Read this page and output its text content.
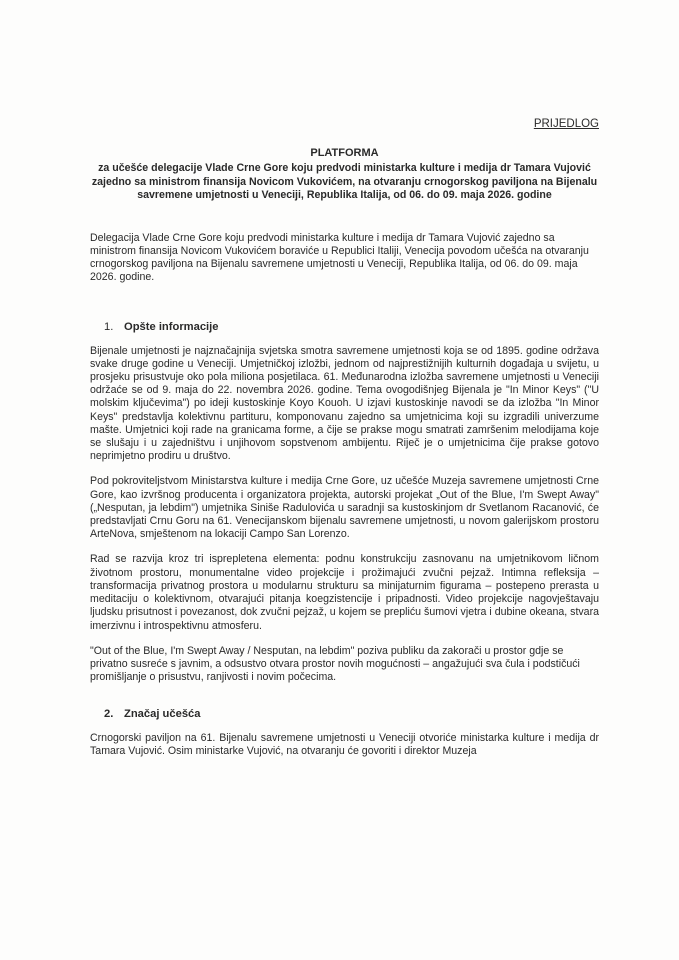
PRIJEDLOG
PLATFORMA
za učešće delegacije Vlade Crne Gore koju predvodi ministarka kulture i medija dr Tamara Vujović zajedno sa ministrom finansija Novicom Vukovićem, na otvaranju crnogorskog paviljona na Bijenalu savremene umjetnosti u Veneciji, Republika Italija, od 06. do 09. maja 2026. godine

Delegacija Vlade Crne Gore koju predvodi ministarka kulture i medija dr Tamara Vujović zajedno sa ministrom finansija Novicom Vukovićem boraviće u Republici Italiji, Venecija povodom učešća na otvaranju crnogorskog paviljona na Bijenalu savremene umjetnosti u Veneciji, Republika Italija, od 06. do 09. maja 2026. godine.

1. Opšte informacije

Bijenale umjetnosti je najznačajnija svjetska smotra savremene umjetnosti koja se od 1895. godine održava svake druge godine u Veneciji. Umjetničkoj izložbi, jednom od najprestižnijih kulturnih događaja u svijetu, u prosjeku prisustvuje oko pola miliona posjetilaca. 61. Međunarodna izložba savremene umjetnosti u Veneciji održaće se od 9. maja do 22. novembra 2026. godine. Tema ovogodišnjeg Bijenala je "In Minor Keys" ("U molskim ključevima") po ideji kustoskinje Koyo Kouoh. U izjavi kustoskinje navodi se da izložba "In Minor Keys" predstavlja kolektivnu partituru, komponovanu zajedno sa umjetnicima koji su izgradili univerzume mašte. Umjetnici koji rade na granicama forme, a čije se prakse mogu smatrati zamršenim melodijama koje se slušaju i u zajedništvu i unjihovom sopstvenom ambijentu. Riječ je o umjetnicima čije prakse gotovo neprimjetno prodiru u društvo.

Pod pokroviteljstvom Ministarstva kulture i medija Crne Gore, uz učešće Muzeja savremene umjetnosti Crne Gore, kao izvršnog producenta i organizatora projekta, autorski projekat „Out of the Blue, I'm Swept Away" („Nesputan, ja lebdim") umjetnika Siniše Radulovića u saradnji sa kustoskinjom dr Svetlanom Racanović, će predstavljati Crnu Goru na 61. Venecijanskom bijenalu savremene umjetnosti, u novom galerijskom prostoru ArteNova, smještenom na lokaciji Campo San Lorenzo.

Rad se razvija kroz tri isprepletena elementa: podnu konstrukciju zasnovanu na umjetnikovom ličnom životnom prostoru, monumentalne video projekcije i prožimajući zvučni pejzaž. Intimna refleksija – transformacija privatnog prostora u modularnu strukturu sa minijaturnim figurama – postepeno prerasta u meditaciju o kolektivnom, otvarajući pitanja koegzistencije i pripadnosti. Video projekcije nagovještavaju ljudsku prisutnost i povezanost, dok zvučni pejzaž, u kojem se prepliću šumovi vjetra i dubine okeana, stvara imerzivnu i introspektivnu atmosferu.

"Out of the Blue, I'm Swept Away / Nesputan, na lebdim" poziva publiku da zakorači u prostor gdje se privatno susreće s javnim, a odsustvo otvara prostor novih mogućnosti – angažujući sva čula i podstičući promišljanje o prisustvu, ranjivosti i novim počecima.

2. Značaj učešća

Crnogorski paviljon na 61. Bijenalu savremene umjetnosti u Veneciji otvoriće ministarka kulture i medija dr Tamara Vujović. Osim ministarke Vujović, na otvaranju će govoriti i direktor Muzeja
